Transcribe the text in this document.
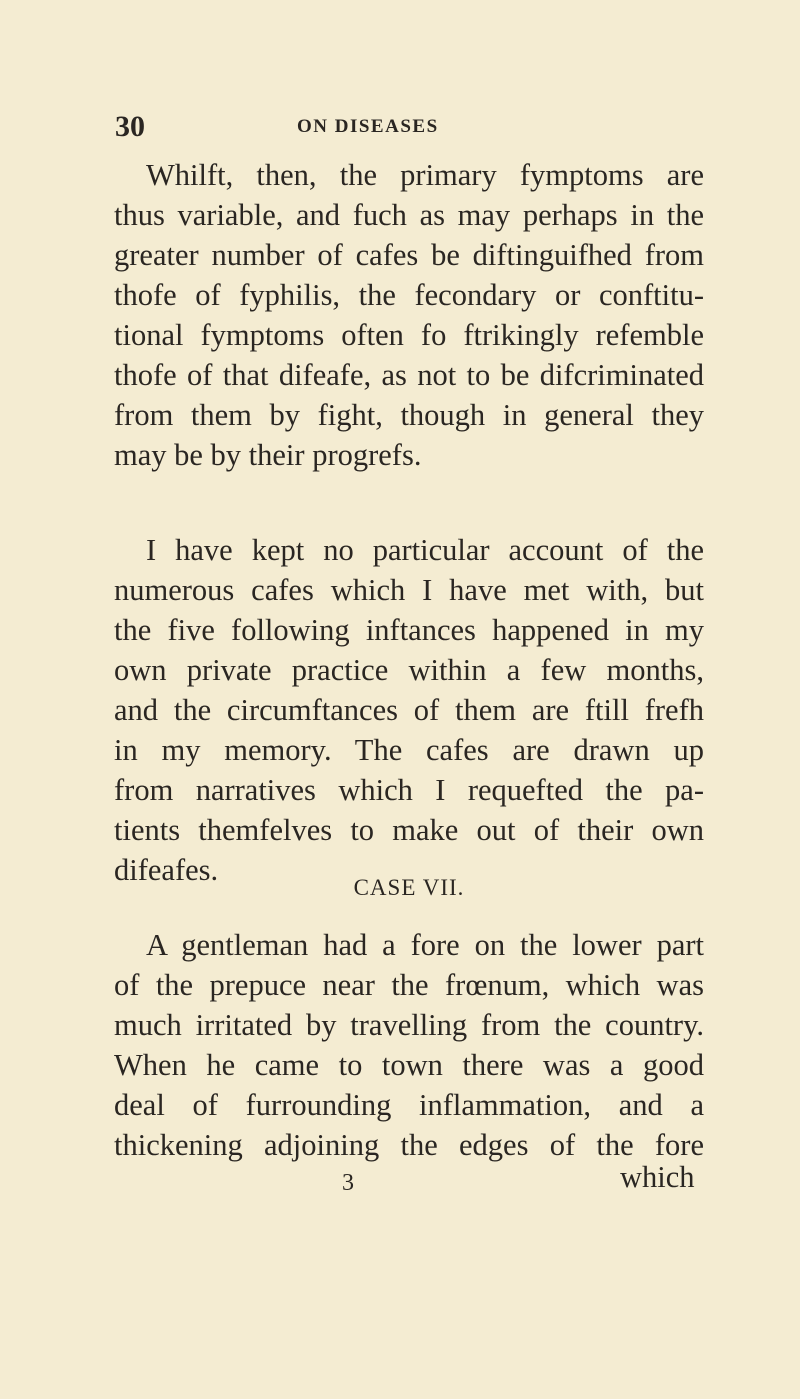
30	ON DISEASES
Whilft, then, the primary fymptoms are
thus variable, and fuch as may perhaps in the
greater number of cafes be diftinguifhed from
thofe of fyphilis, the fecondary or conftitu-
tional fymptoms often fo ftrikingly refemble
thofe of that difeafe, as not to be difcriminated
from them by fight, though in general they
may be by their progrefs.
I have kept no particular account of the
numerous cafes which I have met with, but
the five following inftances happened in my
own private practice within a few months,
and the circumftances of them are ftill frefh
in my memory. The cafes are drawn up
from narratives which I requefted the pa-
tients themfelves to make out of their own
CASE VII.
A gentleman had a fore on the lower part
of the prepuce near the frœnum, which was
much irritated by travelling from the country.
When he came to town there was a good
deal of furrounding inflammation, and a
thickening adjoining the edges of the fore
3	which
difeafes.
